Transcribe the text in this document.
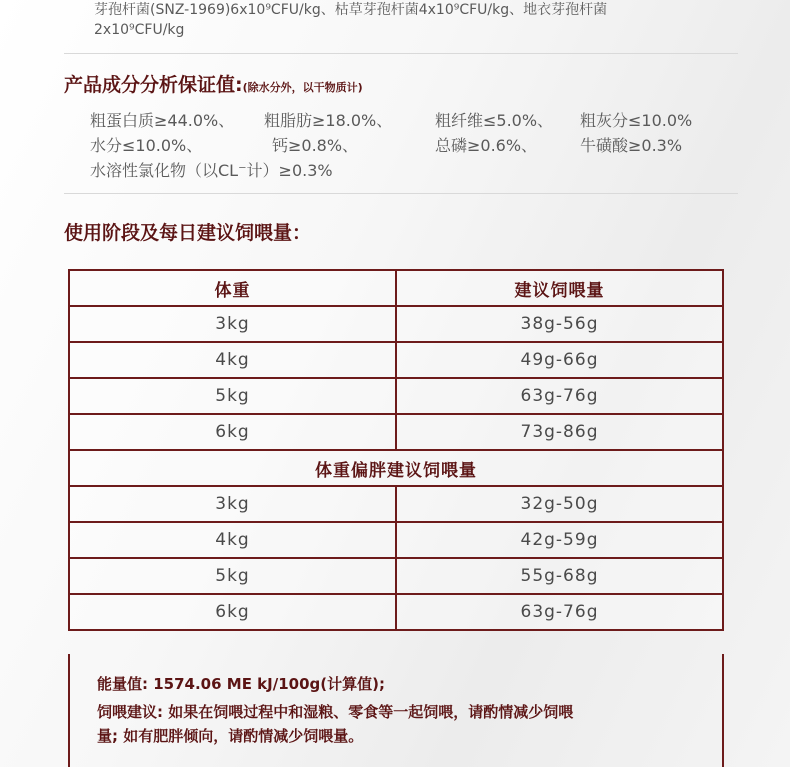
芽孢杆菌(SNZ-1969)6x10⁹CFU/kg、枯草芽孢杆菌4x10⁹CFU/kg、地衣芽孢杆菌
2x10⁹CFU/kg
产品成分分析保证值:(除水分外，以干物质计)
粗蛋白质≥44.0%、 粗脂肪≥18.0%、	粗纤维≤5.0%、 粗灰分≤10.0%
水分≤10.0%、	钙≥0.8%、	总磷≥0.6%、	牛磺酸≥0.3%
水溶性氯化物（以CL⁻计）≥0.3%
使用阶段及每日建议饲喂量：
体重	建议饲喂量
3kg	38g-56g
4kg	49g-66g
5kg	63g-76g
6kg	73g-86g
体重偏胖建议饲喂量	
3kg	32g-50g
4kg	42g-59g
5kg	55g-68g
6kg	63g-76g

能量值: 1574.06 ME kJ/100g(计算值);

饲喂建议: 如果在饲喂过程中和湿粮、零食等一起饲喂，请酌情减少饲喂

量; 如有肥胖倾向，请酌情减少饲喂量。
